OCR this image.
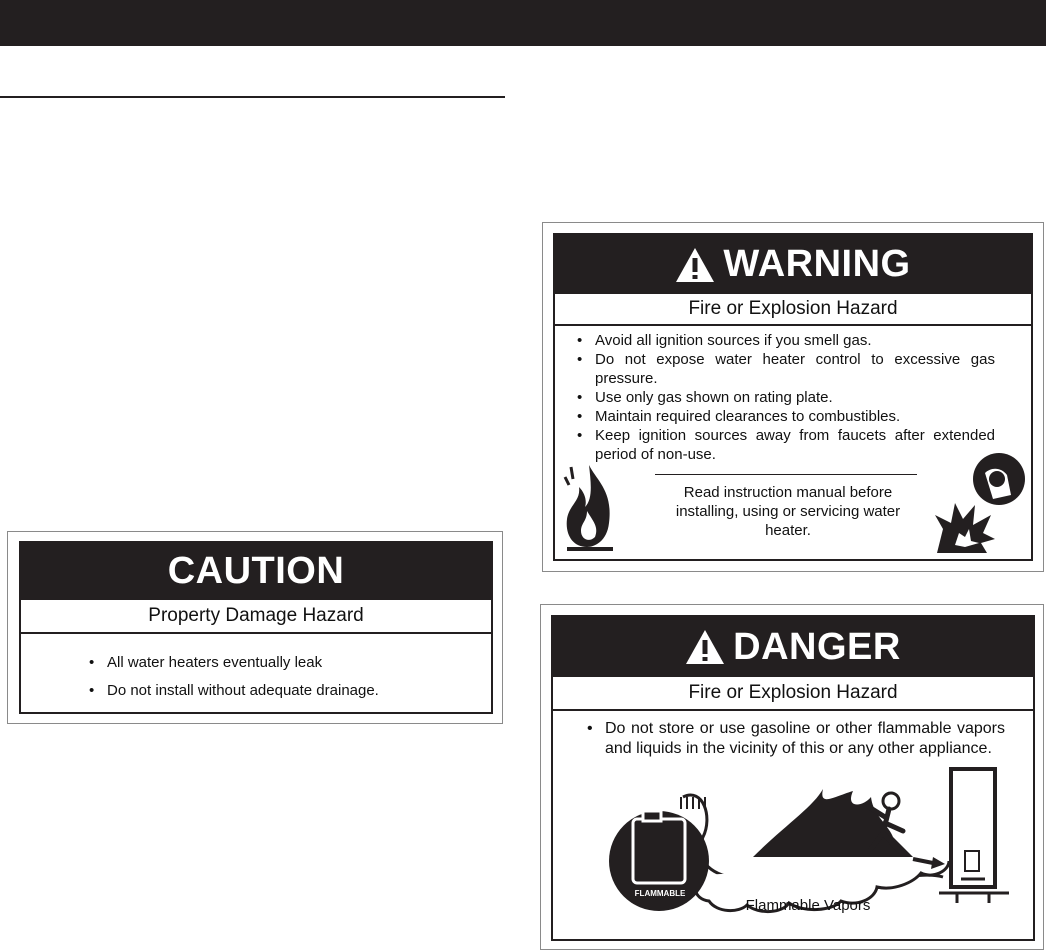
CAUTION
Property Damage Hazard
• All water heaters eventually leak
• Do not install without adequate drainage.
WARNING
Fire or Explosion Hazard
• Avoid all ignition sources if you smell gas.
• Do not expose water heater control to excessive gas pressure.
• Use only gas shown on rating plate.
• Maintain required clearances to combustibles.
• Keep ignition sources away from faucets after extended period of non-use.
Read instruction manual before installing, using or servicing water heater.
DANGER
Fire or Explosion Hazard
• Do not store or use gasoline or other flammable vapors and liquids in the vicinity of this or any other appliance.
FLAMMABLE
Flammable Vapors
